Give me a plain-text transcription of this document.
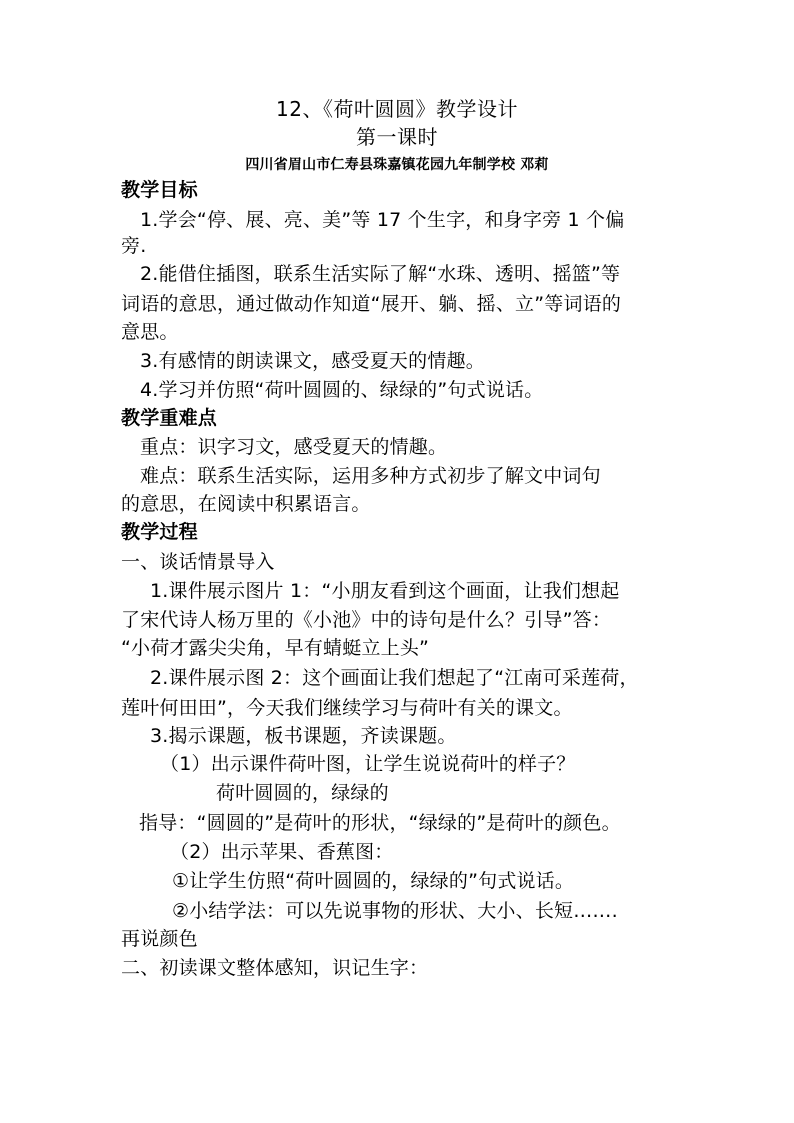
12、《荷叶圆圆》教学设计
第一课时
四川省眉山市仁寿县珠嘉镇花园九年制学校 邓莉
教学目标
1.学会“停、展、亮、美”等 17 个生字，和身字旁 1 个偏
旁.
2.能借住插图，联系生活实际了解“水珠、透明、摇篮”等
词语的意思，通过做动作知道“展开、躺、摇、立”等词语的
意思。
3.有感情的朗读课文，感受夏天的情趣。
4.学习并仿照“荷叶圆圆的、绿绿的”句式说话。
教学重难点
重点：识字习文，感受夏天的情趣。
难点：联系生活实际，运用多种方式初步了解文中词句
的意思，在阅读中积累语言。
教学过程
一、谈话情景导入
1.课件展示图片 1：“小朋友看到这个画面，让我们想起
了宋代诗人杨万里的《小池》中的诗句是什么？引导”答：
“小荷才露尖尖角，早有蜻蜓立上头”
2.课件展示图 2：这个画面让我们想起了“江南可采莲荷，
莲叶何田田”，今天我们继续学习与荷叶有关的课文。
3.揭示课题，板书课题，齐读课题。
（1）出示课件荷叶图，让学生说说荷叶的样子？
荷叶圆圆的，绿绿的
指导：“圆圆的”是荷叶的形状，“绿绿的”是荷叶的颜色。
（2）出示苹果、香蕉图：
①让学生仿照“荷叶圆圆的，绿绿的”句式说话。
②小结学法：可以先说事物的形状、大小、长短…….
再说颜色
二、初读课文整体感知，识记生字：
